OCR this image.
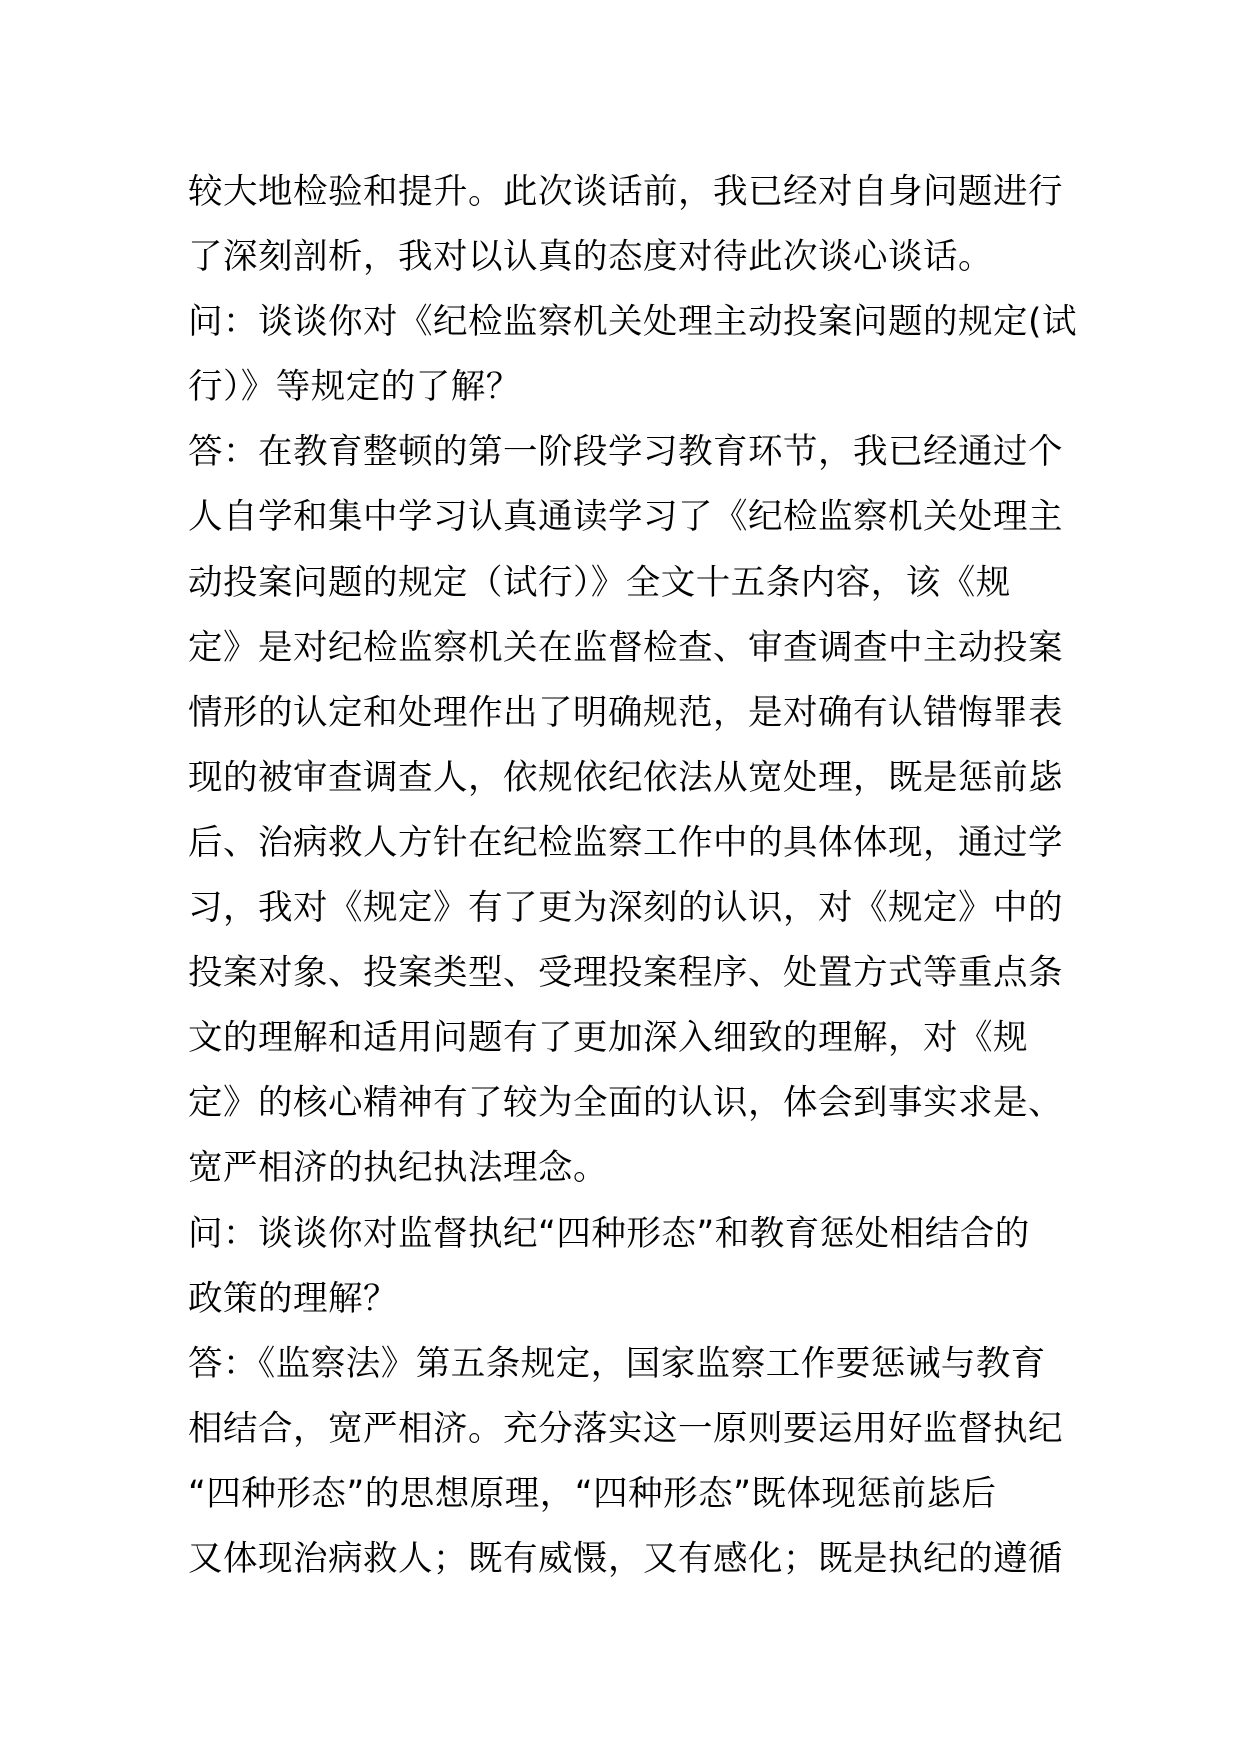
较大地检验和提升。此次谈话前，我已经对自身问题进行
了深刻剖析，我对以认真的态度对待此次谈心谈话。
问：谈谈你对《纪检监察机关处理主动投案问题的规定(试
行）》等规定的了解？
答：在教育整顿的第一阶段学习教育环节，我已经通过个
人自学和集中学习认真通读学习了《纪检监察机关处理主
动投案问题的规定（试行）》全文十五条内容，该《规
定》是对纪检监察机关在监督检查、审查调查中主动投案
情形的认定和处理作出了明确规范，是对确有认错悔罪表
现的被审查调查人，依规依纪依法从宽处理，既是惩前毖
后、治病救人方针在纪检监察工作中的具体体现，通过学
习，我对《规定》有了更为深刻的认识，对《规定》中的
投案对象、投案类型、受理投案程序、处置方式等重点条
文的理解和适用问题有了更加深入细致的理解，对《规
定》的核心精神有了较为全面的认识，体会到事实求是、
宽严相济的执纪执法理念。
问：谈谈你对监督执纪“四种形态”和教育惩处相结合的
政策的理解？
答：《监察法》第五条规定，国家监察工作要惩诫与教育
相结合，宽严相济。充分落实这一原则要运用好监督执纪
“四种形态”的思想原理，“四种形态”既体现惩前毖后
又体现治病救人；既有威慑，又有感化；既是执纪的遵循
